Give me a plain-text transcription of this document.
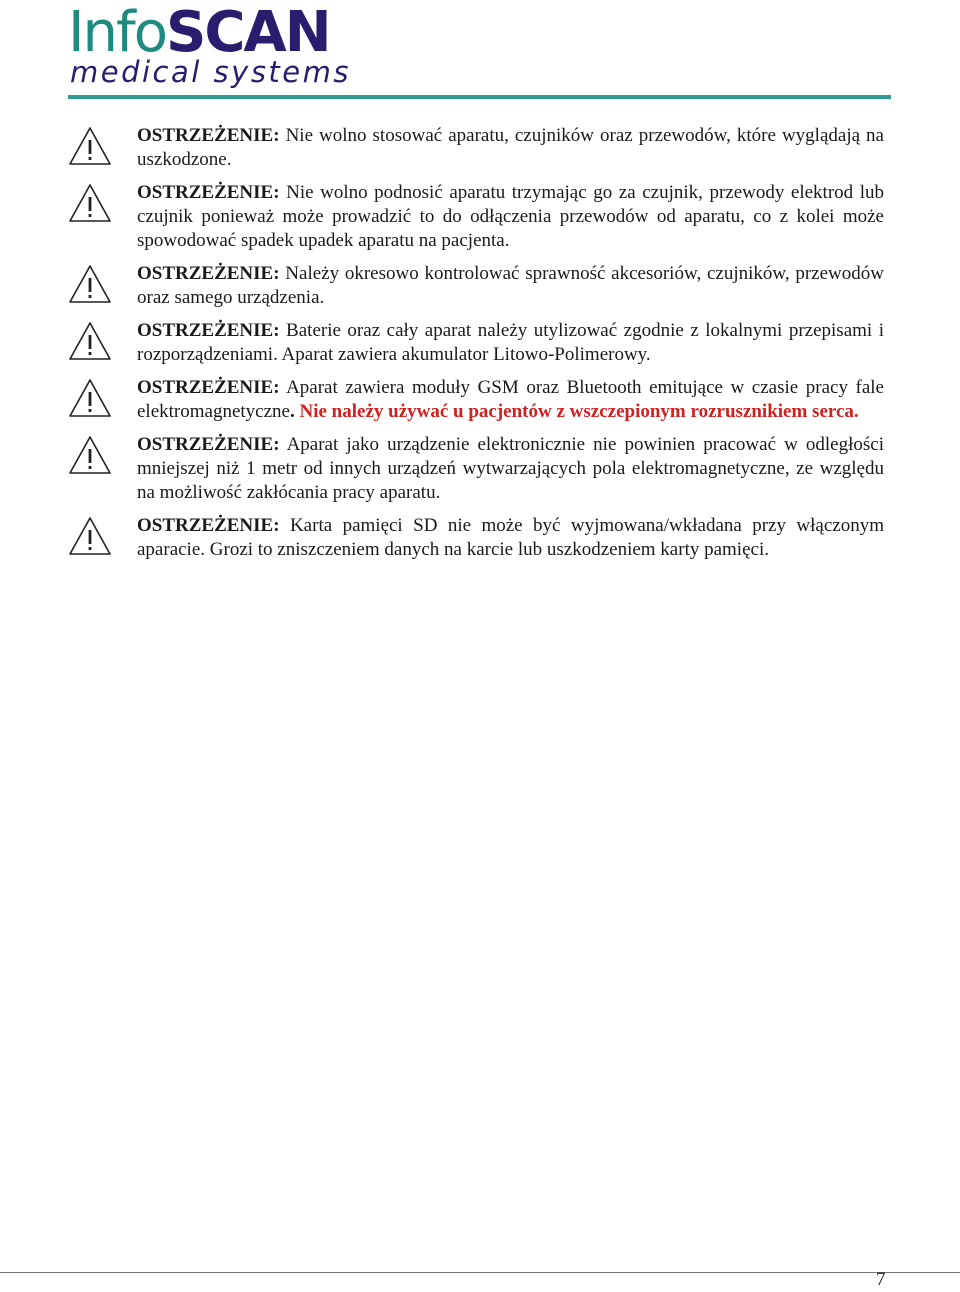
InfoSCAN
medical systems

OSTRZEŻENIE: Nie wolno stosować aparatu, czujników oraz przewodów, które wyglądają na uszkodzone.

OSTRZEŻENIE: Nie wolno podnosić aparatu trzymając go za czujnik, przewody elektrod lub czujnik ponieważ może prowadzić to do odłączenia przewodów od aparatu, co z kolei może spowodować spadek upadek aparatu na pacjenta.

OSTRZEŻENIE: Należy okresowo kontrolować sprawność akcesoriów, czujników, przewodów oraz samego urządzenia.

OSTRZEŻENIE: Baterie oraz cały aparat należy utylizować zgodnie z lokalnymi przepisami i rozporządzeniami. Aparat zawiera akumulator Litowo-Polimerowy.

OSTRZEŻENIE: Aparat zawiera moduły GSM oraz Bluetooth emitujące w czasie pracy fale elektromagnetyczne. Nie należy używać u pacjentów z wszczepionym rozrusznikiem serca.

OSTRZEŻENIE: Aparat jako urządzenie elektronicznie nie powinien pracować w odległości mniejszej niż 1 metr od innych urządzeń wytwarzających pola elektromagnetyczne, ze względu na możliwość zakłócania pracy aparatu.

OSTRZEŻENIE: Karta pamięci SD nie może być wyjmowana/wkładana przy włączonym aparacie. Grozi to zniszczeniem danych na karcie lub uszkodzeniem karty pamięci.

7
